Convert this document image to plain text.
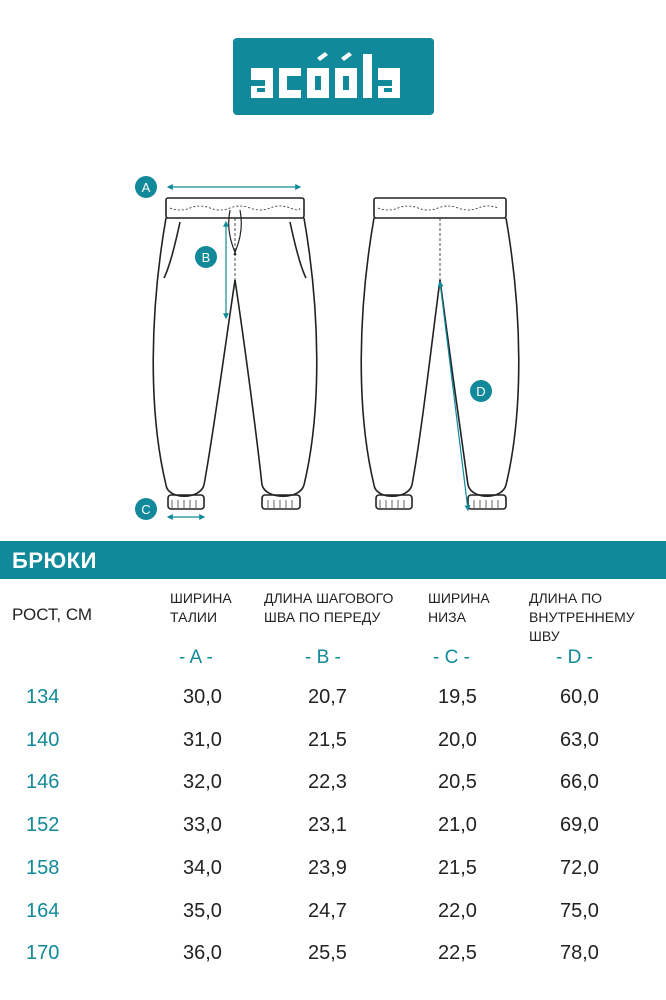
A
B
C
D
БРЮКИ
РОСТ, СМ
ШИРИНА
ТАЛИИ
ДЛИНА ШАГОВОГО
ШВА ПО ПЕРЕДУ
ШИРИНА
НИЗА
ДЛИНА ПО
ВНУТРЕННЕМУ ШВУ
- A -	- B -	- C -	- D -
134	30,0	20,7	19,5	60,0
140	31,0	21,5	20,0	63,0
146	32,0	22,3	20,5	66,0
152	33,0	23,1	21,0	69,0
158	34,0	23,9	21,5	72,0
164	35,0	24,7	22,0	75,0
170	36,0	25,5	22,5	78,0
